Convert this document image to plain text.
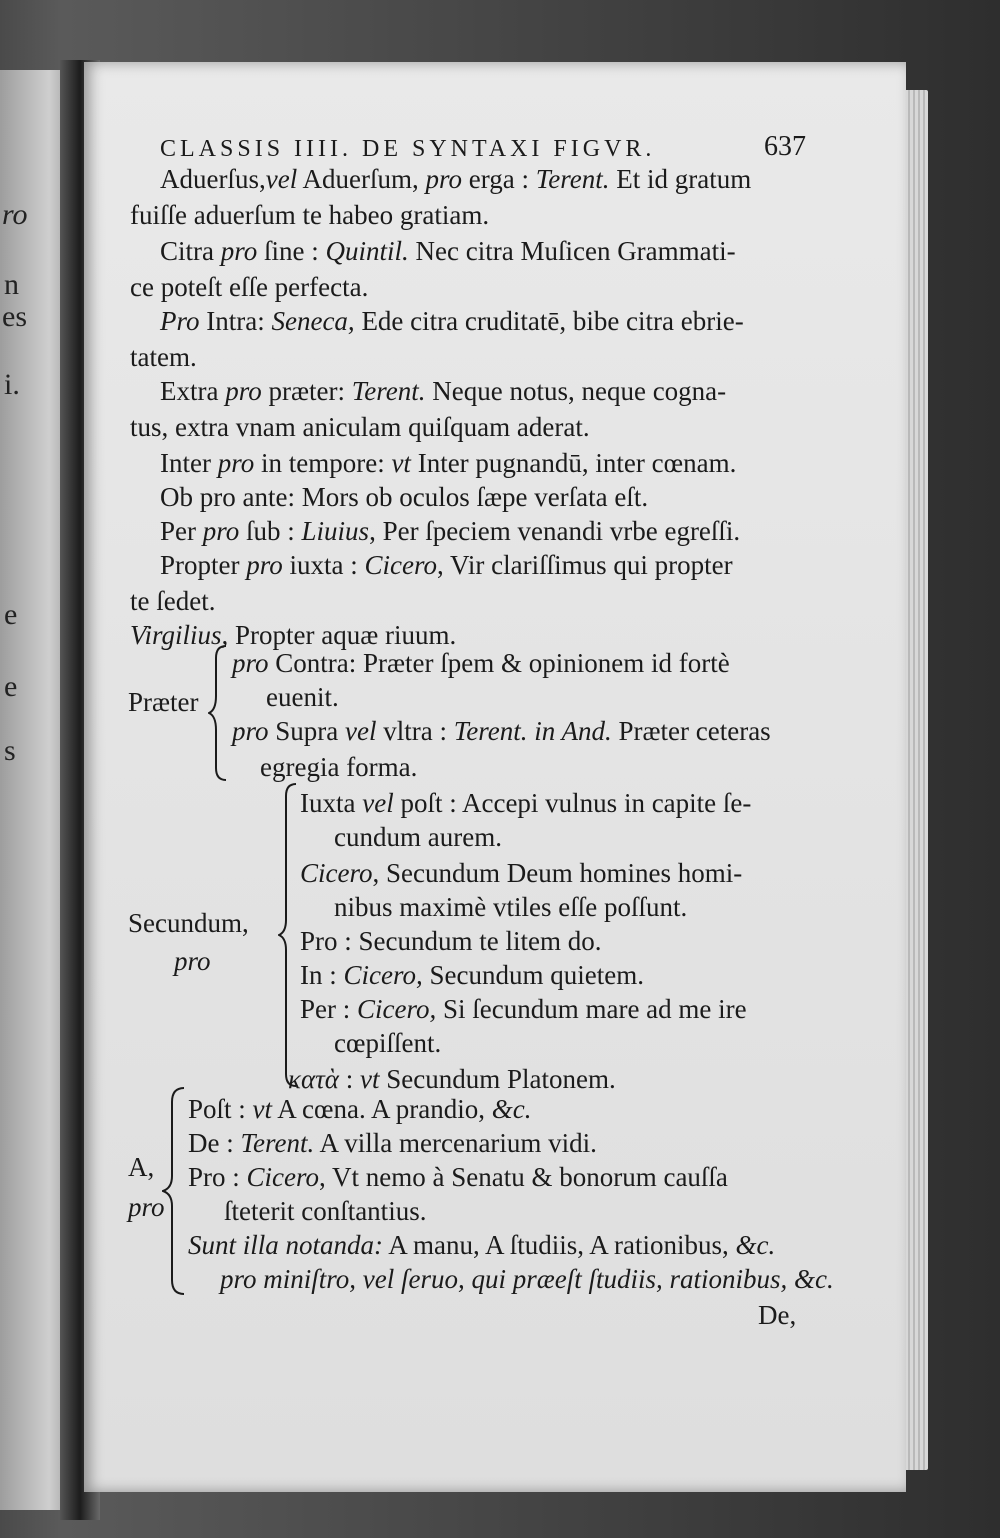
ro
n
es
i.
e
e
s
CLASSIS IIII. DE SYNTAXI FIGVR.	637
Aduerſus,vel Aduerſum, pro erga : Terent. Et id gratum
fuiſſe aduerſum te habeo gratiam.
Citra pro ſine : Quintil. Nec citra Muſicen Grammati-
ce poteſt eſſe perfecta.
Pro Intra: Seneca, Ede citra cruditatē, bibe citra ebrie-
tatem.
Extra pro præter: Terent. Neque notus, neque cogna-
tus, extra vnam aniculam quiſquam aderat.
Inter pro in tempore: vt Inter pugnandū, inter cœnam.
Ob pro ante: Mors ob oculos ſæpe verſata eſt.
Per pro ſub : Liuius, Per ſpeciem venandi vrbe egreſſi.
Propter pro iuxta : Cicero, Vir clariſſimus qui propter
te ſedet.
Virgilius, Propter aquæ riuum.
Præter
pro Contra: Præter ſpem & opinionem id fortè
euenit.
pro Supra vel vltra : Terent. in And. Præter ceteras
egregia forma.
Secundum,
pro
Iuxta vel poſt : Accepi vulnus in capite ſe-
cundum aurem.
Cicero, Secundum Deum homines homi-
nibus maximè vtiles eſſe poſſunt.
Pro : Secundum te litem do.
In : Cicero, Secundum quietem.
Per : Cicero, Si ſecundum mare ad me ire
cœpiſſent.
κατὰ : vt Secundum Platonem.
A,
pro
Poſt : vt A cœna. A prandio, &c.
De : Terent. A villa mercenarium vidi.
Pro : Cicero, Vt nemo à Senatu & bonorum cauſſa
ſteterit conſtantius.
Sunt illa notanda: A manu, A ſtudiis, A rationibus, &c.
pro miniſtro, vel ſeruo, qui præeſt ſtudiis, rationibus, &c.
De,
